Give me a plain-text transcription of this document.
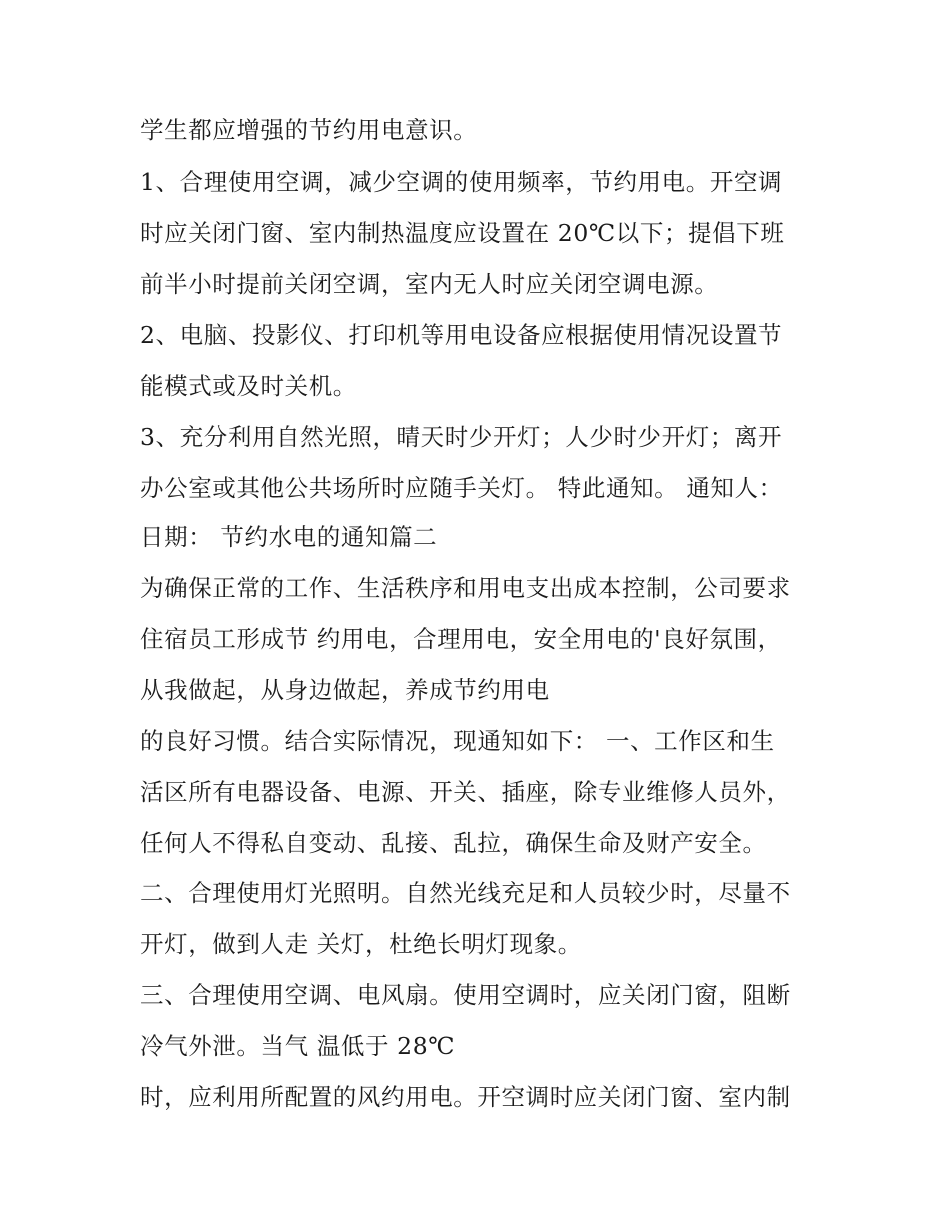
学生都应增强的节约用电意识。
1、合理使用空调，减少空调的使用频率，节约用电。开空调
时应关闭门窗、室内制热温度应设置在 20℃以下；提倡下班
前半小时提前关闭空调，室内无人时应关闭空调电源。
2、电脑、投影仪、打印机等用电设备应根据使用情况设置节
能模式或及时关机。
3、充分利用自然光照，晴天时少开灯；人少时少开灯；离开
办公室或其他公共场所时应随手关灯。 特此通知。 通知人：
日期： 节约水电的通知篇二
为确保正常的工作、生活秩序和用电支出成本控制，公司要求
住宿员工形成节 约用电，合理用电，安全用电的'良好氛围，
从我做起，从身边做起，养成节约用电
的良好习惯。结合实际情况，现通知如下： 一、工作区和生
活区所有电器设备、电源、开关、插座，除专业维修人员外，
任何人不得私自变动、乱接、乱拉，确保生命及财产安全。
二、合理使用灯光照明。自然光线充足和人员较少时，尽量不
开灯，做到人走 关灯，杜绝长明灯现象。
三、合理使用空调、电风扇。使用空调时，应关闭门窗，阻断
冷气外泄。当气 温低于 28℃
时，应利用所配置的风约用电。开空调时应关闭门窗、室内制
